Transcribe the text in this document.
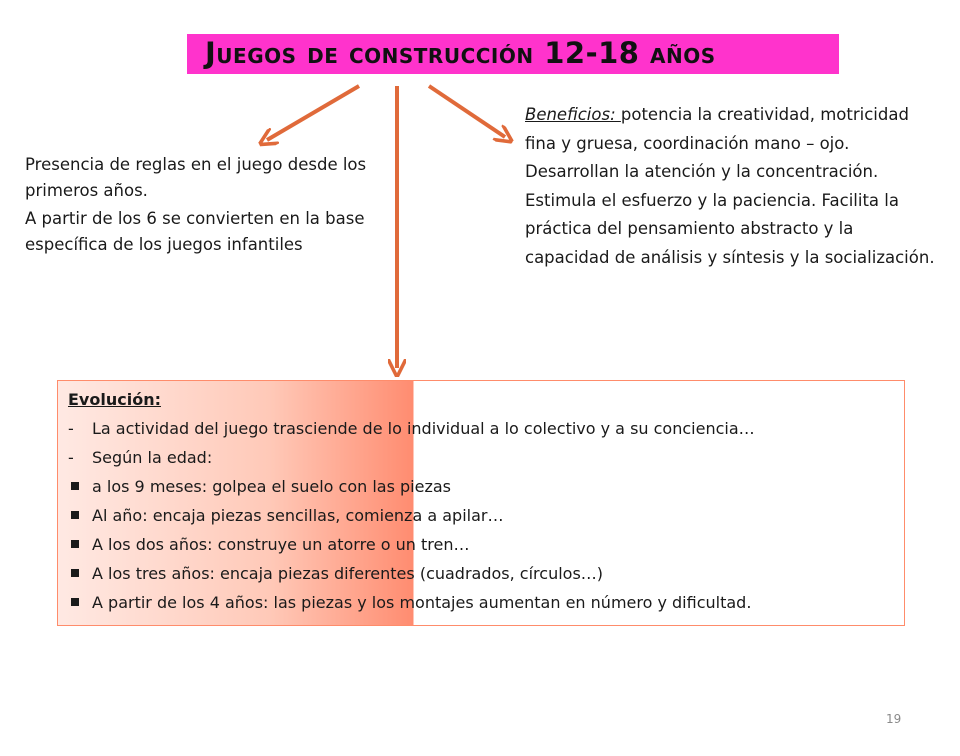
Juegos de construcción 12-18 años

Presencia de reglas en el juego desde los primeros años.

A partir de los 6 se convierten en la base específica de los juegos infantiles

Beneficios: potencia la creatividad, motricidad fina y gruesa, coordinación mano – ojo. Desarrollan la atención y la concentración. Estimula el esfuerzo y la paciencia. Facilita la práctica del pensamiento abstracto y la capacidad de análisis y síntesis y la socialización.
Evolución:
-	La actividad del juego trasciende de lo individual a lo colectivo y a su conciencia…
-	Según la edad:
a los 9 meses: golpea el suelo con las piezas
Al año: encaja piezas sencillas, comienza a apilar…
A los dos años: construye un atorre o un tren…
A los tres años: encaja piezas diferentes (cuadrados, círculos…)
A partir de los 4 años: las piezas y los montajes aumentan en número y dificultad.
19
